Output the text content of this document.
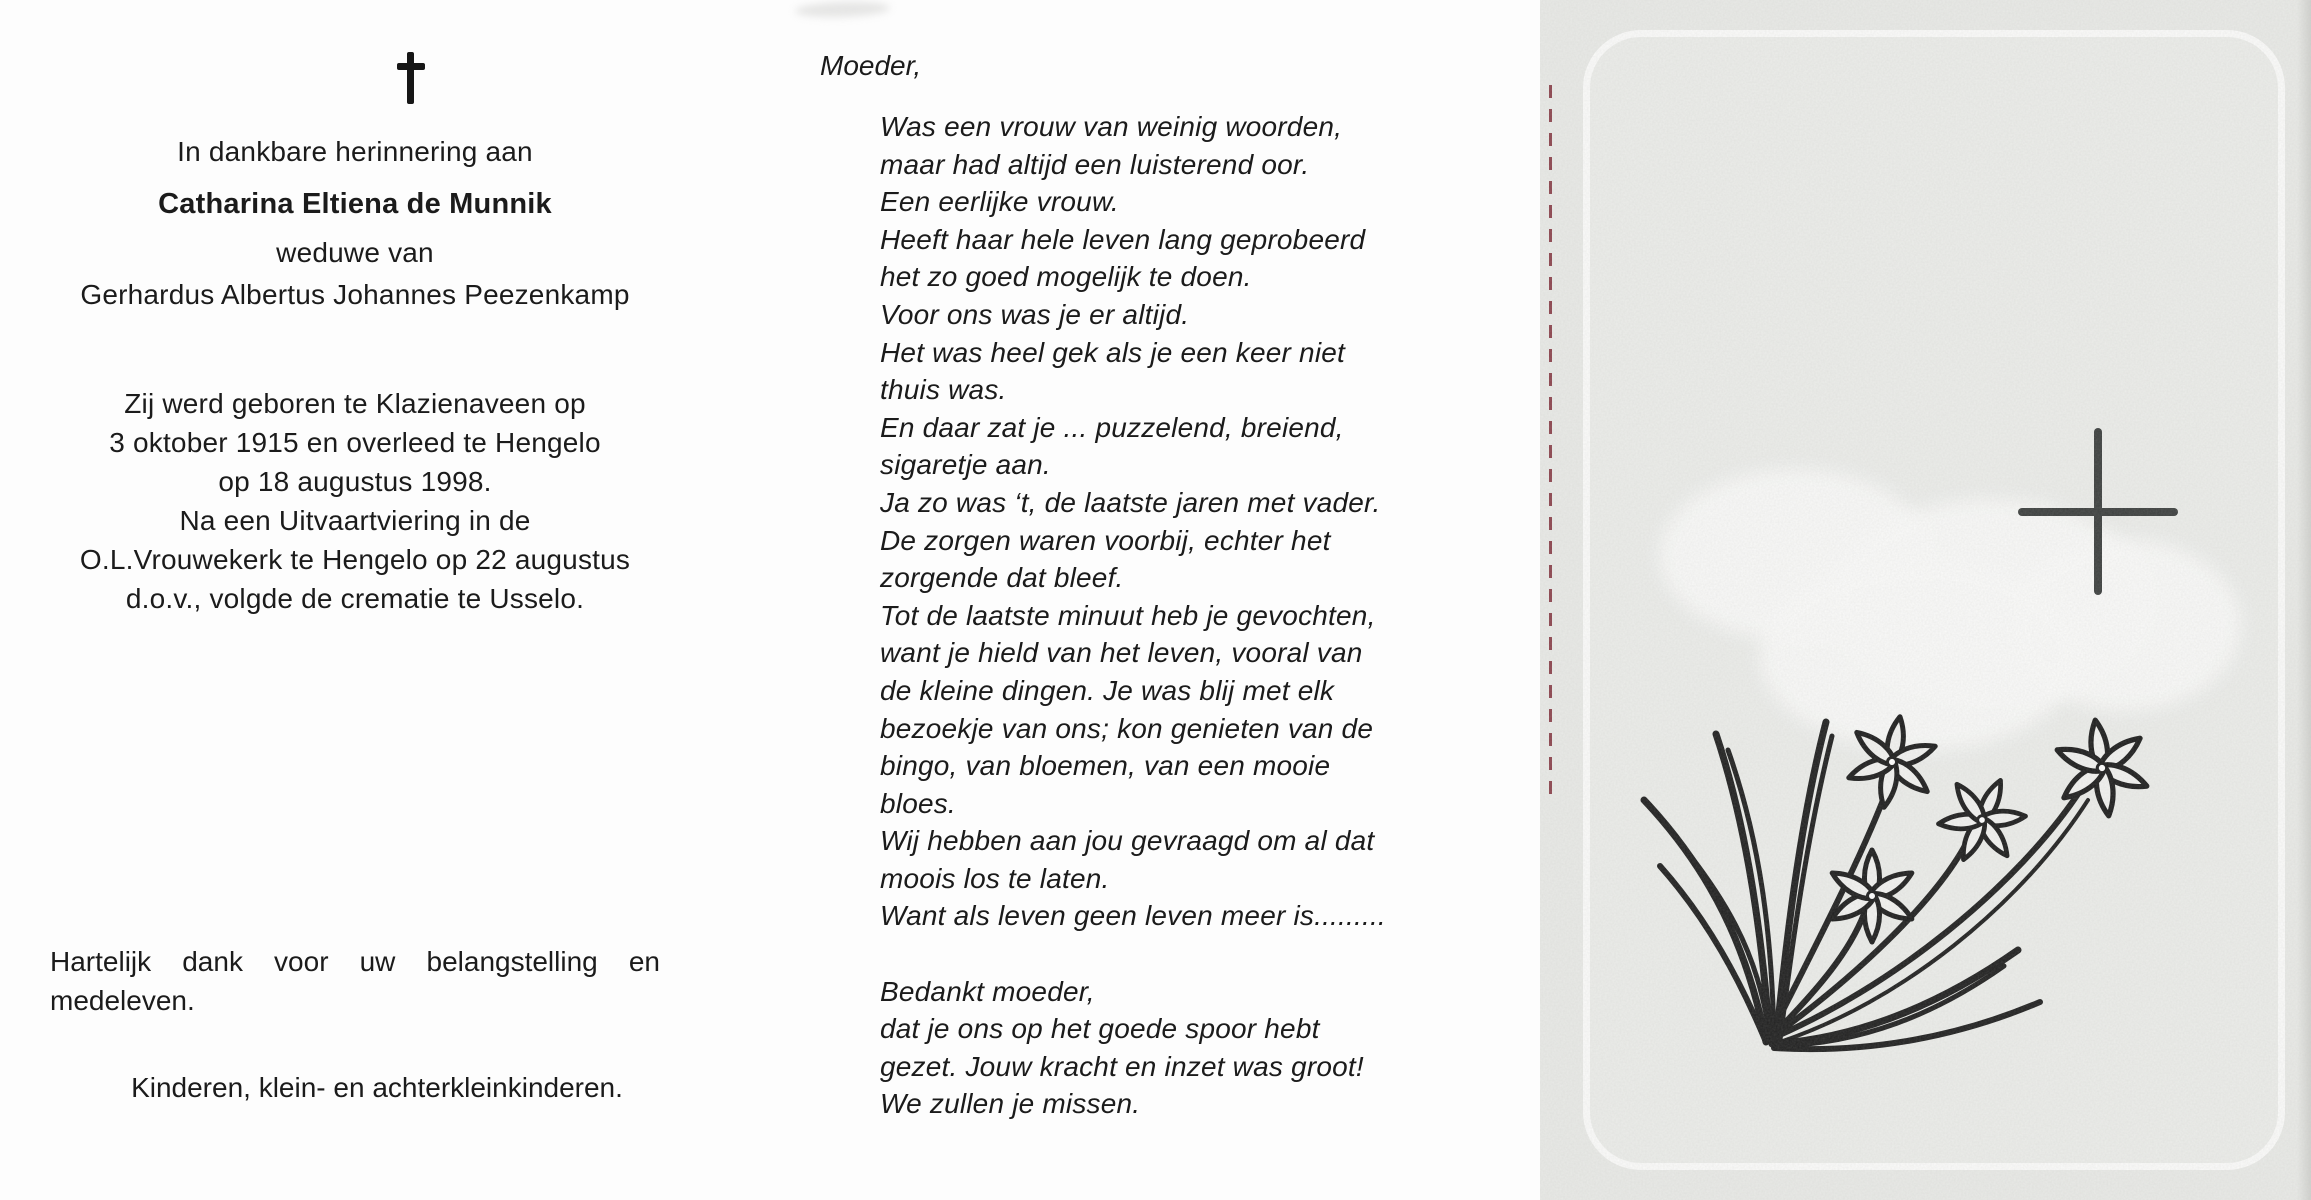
In dankbare herinnering aan
Catharina Eltiena de Munnik
weduwe van
Gerhardus Albertus Johannes Peezenkamp
Zij werd geboren te Klazienaveen op
3 oktober 1915 en overleed te Hengelo
op 18 augustus 1998.
Na een Uitvaartviering in de
O.L.Vrouwekerk te Hengelo op 22 augustus
d.o.v., volgde de crematie te Usselo.
Hartelijk dank voor uw belangstelling en
medeleven.
Kinderen, klein- en achterkleinkinderen.
Moeder,
Was een vrouw van weinig woorden,
maar had altijd een luisterend oor.
Een eerlijke vrouw.
Heeft haar hele leven lang geprobeerd
het zo goed mogelijk te doen.
Voor ons was je er altijd.
Het was heel gek als je een keer niet
thuis was.
En daar zat je ... puzzelend, breiend,
sigaretje aan.
Ja zo was ‘t, de laatste jaren met vader.
De zorgen waren voorbij, echter het
zorgende dat bleef.
Tot de laatste minuut heb je gevochten,
want je hield van het leven, vooral van
de kleine dingen. Je was blij met elk
bezoekje van ons; kon genieten van de
bingo, van bloemen, van een mooie
bloes.
Wij hebben aan jou gevraagd om al dat
moois los te laten.
Want als leven geen leven meer is.........
Bedankt moeder,
dat je ons op het goede spoor hebt
gezet. Jouw kracht en inzet was groot!
We zullen je missen.
